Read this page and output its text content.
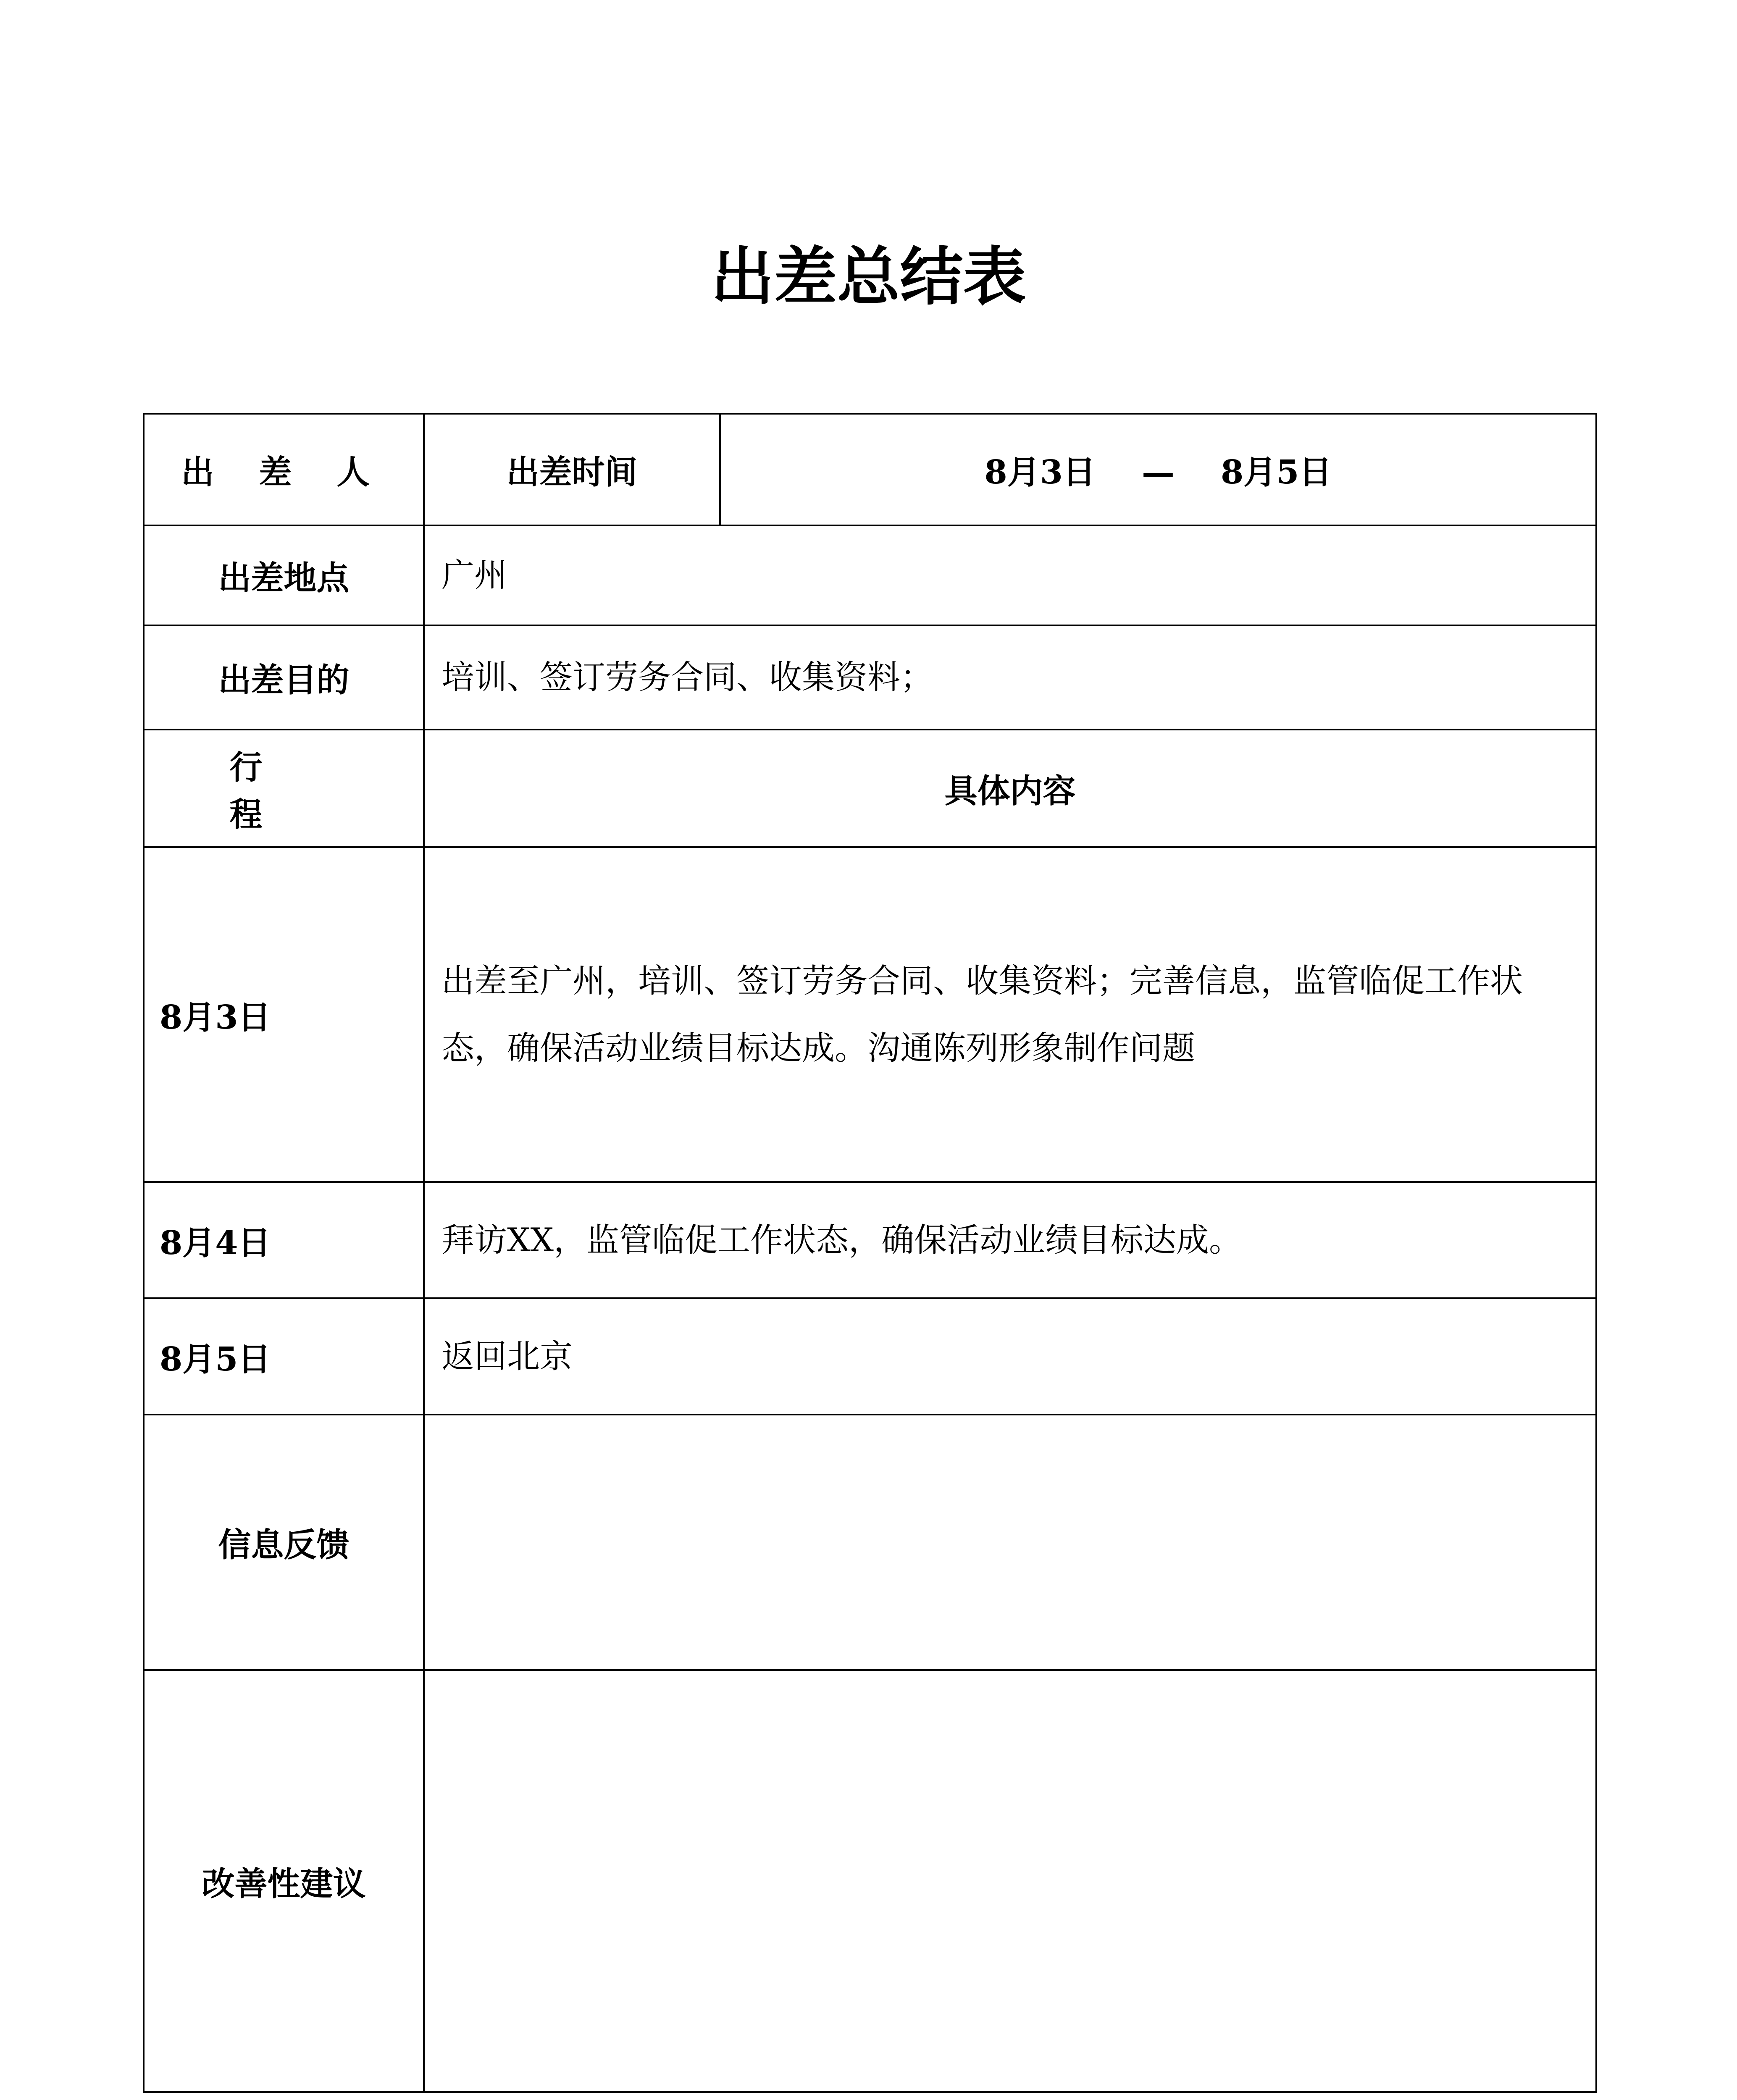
出差总结表
出 差 人	出差时间	8月3日 — 8月5日
出差地点	广州	
出差目的	培训、签订劳务合同、收集资料；	
行 程	具体内容	
8月3日	出差至广州，培训、签订劳务合同、收集资料；完善信息，监管临促工作状态，确保活动业绩目标达成。沟通陈列形象制作问题	
8月4日	拜访XX，监管临促工作状态，确保活动业绩目标达成。	
8月5日	返回北京	
信息反馈		
改善性建议		
